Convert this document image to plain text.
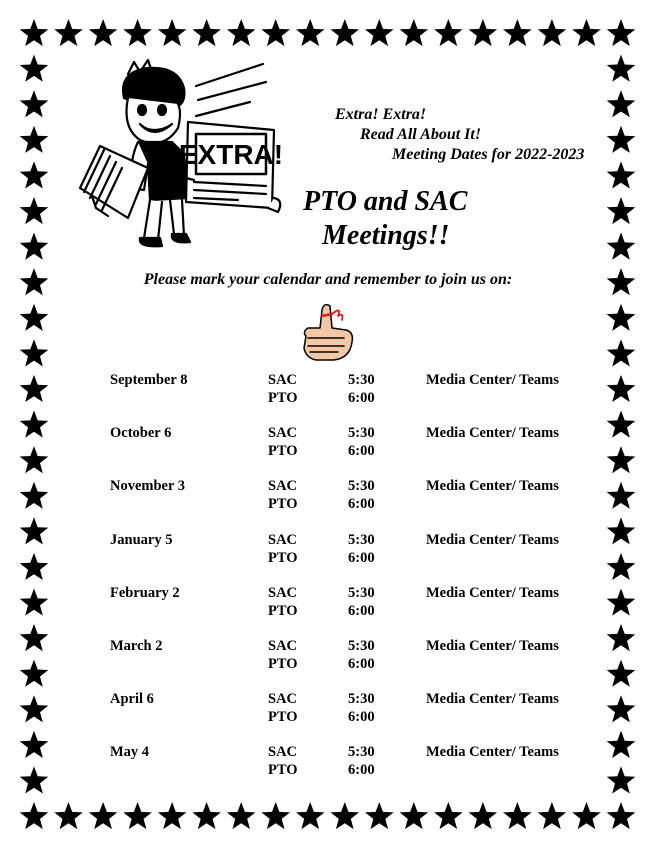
EXTRA!
Extra! Extra!
Read All About It!
Meeting Dates for 2022-2023
PTO and SAC
Meetings!!
Please mark your calendar and remember to join us on:
September 8	SAC	5:30	Media Center/ Teams
PTO	6:00
October 6	SAC	5:30	Media Center/ Teams
PTO	6:00
November 3	SAC	5:30	Media Center/ Teams
PTO	6:00
January 5	SAC	5:30	Media Center/ Teams
PTO	6:00
February 2	SAC	5:30	Media Center/ Teams
PTO	6:00
March 2	SAC	5:30	Media Center/ Teams
PTO	6:00
April 6	SAC	5:30	Media Center/ Teams
PTO	6:00
May 4	SAC	5:30	Media Center/ Teams
PTO	6:00
